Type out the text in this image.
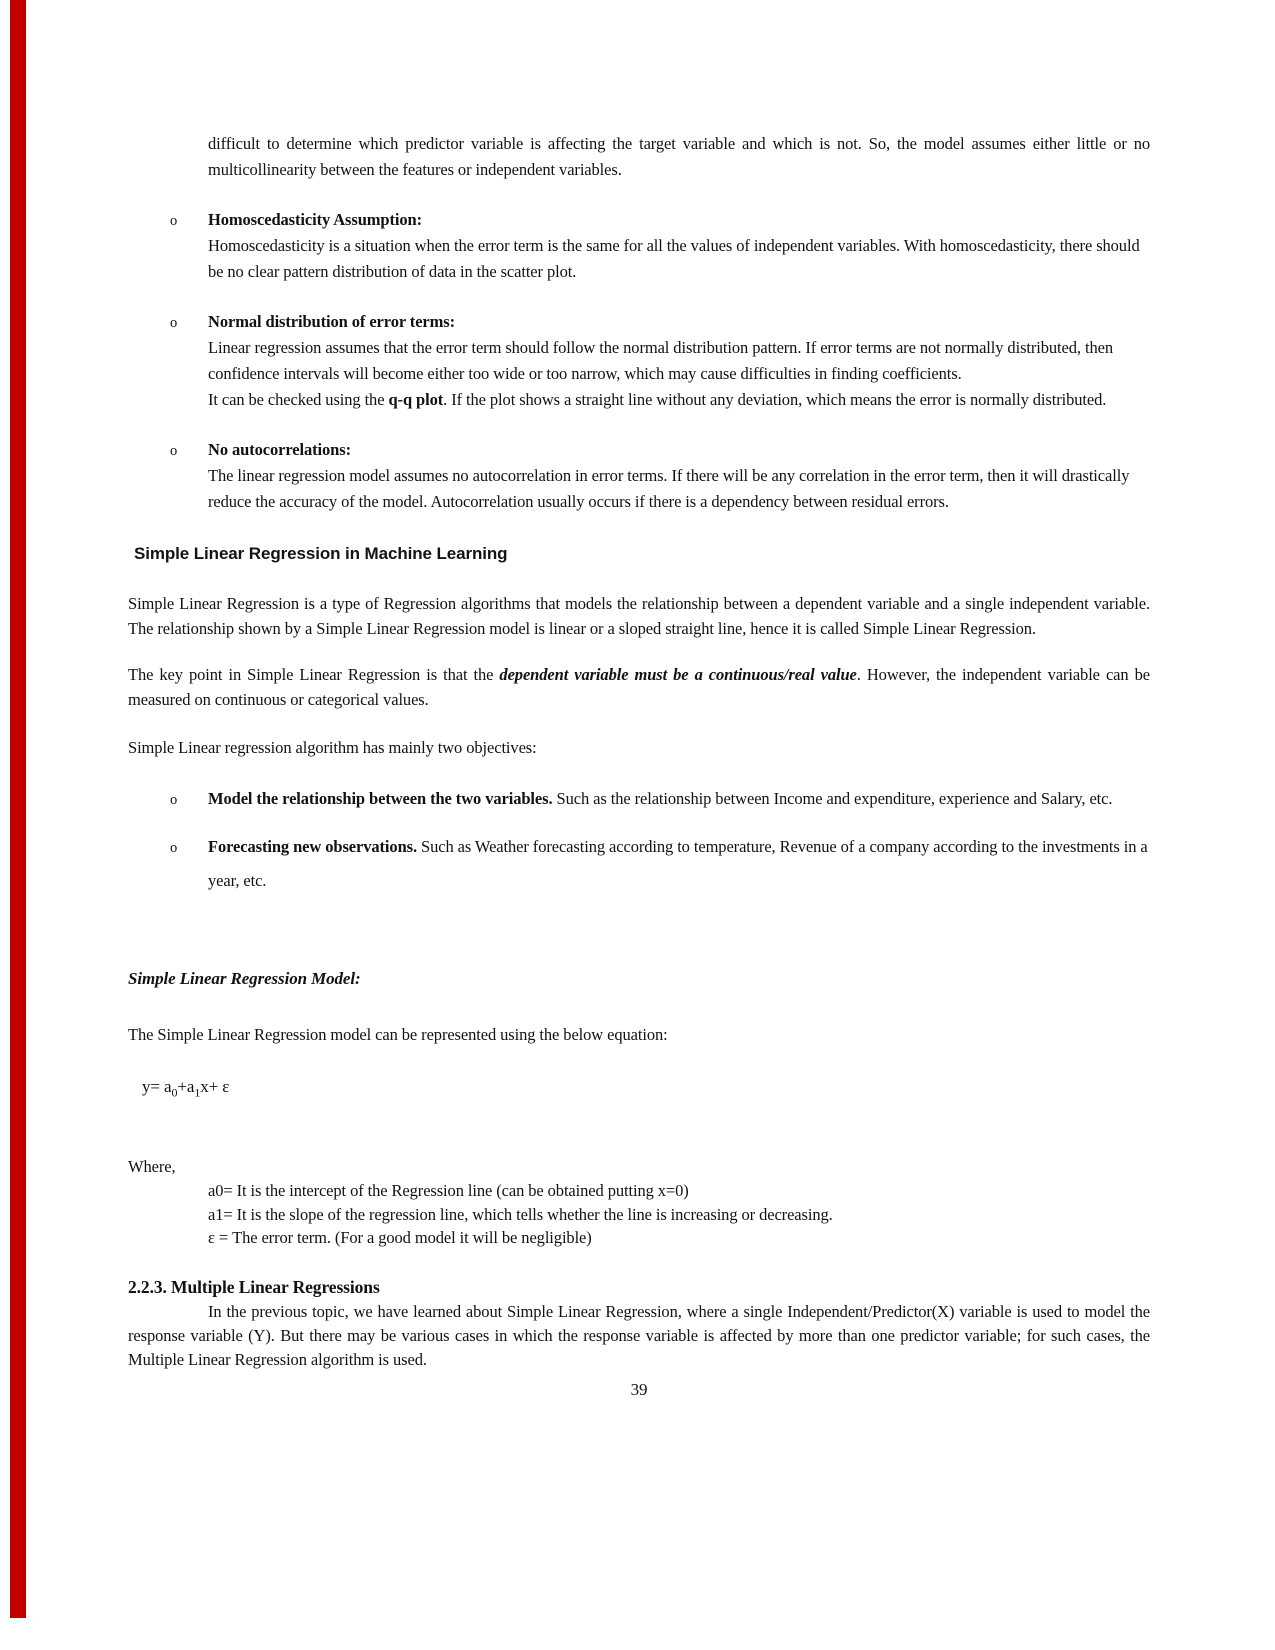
difficult to determine which predictor variable is affecting the target variable and which is not. So, the model assumes either little or no multicollinearity between the features or independent variables.

o Homoscedasticity Assumption:
Homoscedasticity is a situation when the error term is the same for all the values of independent variables. With homoscedasticity, there should be no clear pattern distribution of data in the scatter plot.
o Normal distribution of error terms:
Linear regression assumes that the error term should follow the normal distribution pattern. If error terms are not normally distributed, then confidence intervals will become either too wide or too narrow, which may cause difficulties in finding coefficients.
It can be checked using the q-q plot. If the plot shows a straight line without any deviation, which means the error is normally distributed.
o No autocorrelations:
The linear regression model assumes no autocorrelation in error terms. If there will be any correlation in the error term, then it will drastically reduce the accuracy of the model. Autocorrelation usually occurs if there is a dependency between residual errors.
Simple Linear Regression in Machine Learning

Simple Linear Regression is a type of Regression algorithms that models the relationship between a dependent variable and a single independent variable. The relationship shown by a Simple Linear Regression model is linear or a sloped straight line, hence it is called Simple Linear Regression.

The key point in Simple Linear Regression is that the dependent variable must be a continuous/real value. However, the independent variable can be measured on continuous or categorical values.

Simple Linear regression algorithm has mainly two objectives:

o Model the relationship between the two variables. Such as the relationship between Income and expenditure, experience and Salary, etc.
o Forecasting new observations. Such as Weather forecasting according to temperature, Revenue of a company according to the investments in a year, etc.
Simple Linear Regression Model:

The Simple Linear Regression model can be represented using the below equation:

$y= a_0+a_1x+ \varepsilon$

Where,
a0= It is the intercept of the Regression line (can be obtained putting x=0)
a1= It is the slope of the regression line, which tells whether the line is increasing or decreasing.
ε = The error term. (For a good model it will be negligible)
2.2.3. Multiple Linear Regressions

In the previous topic, we have learned about Simple Linear Regression, where a single Independent/Predictor(X) variable is used to model the response variable (Y). But there may be various cases in which the response variable is affected by more than one predictor variable; for such cases, the Multiple Linear Regression algorithm is used.

39
